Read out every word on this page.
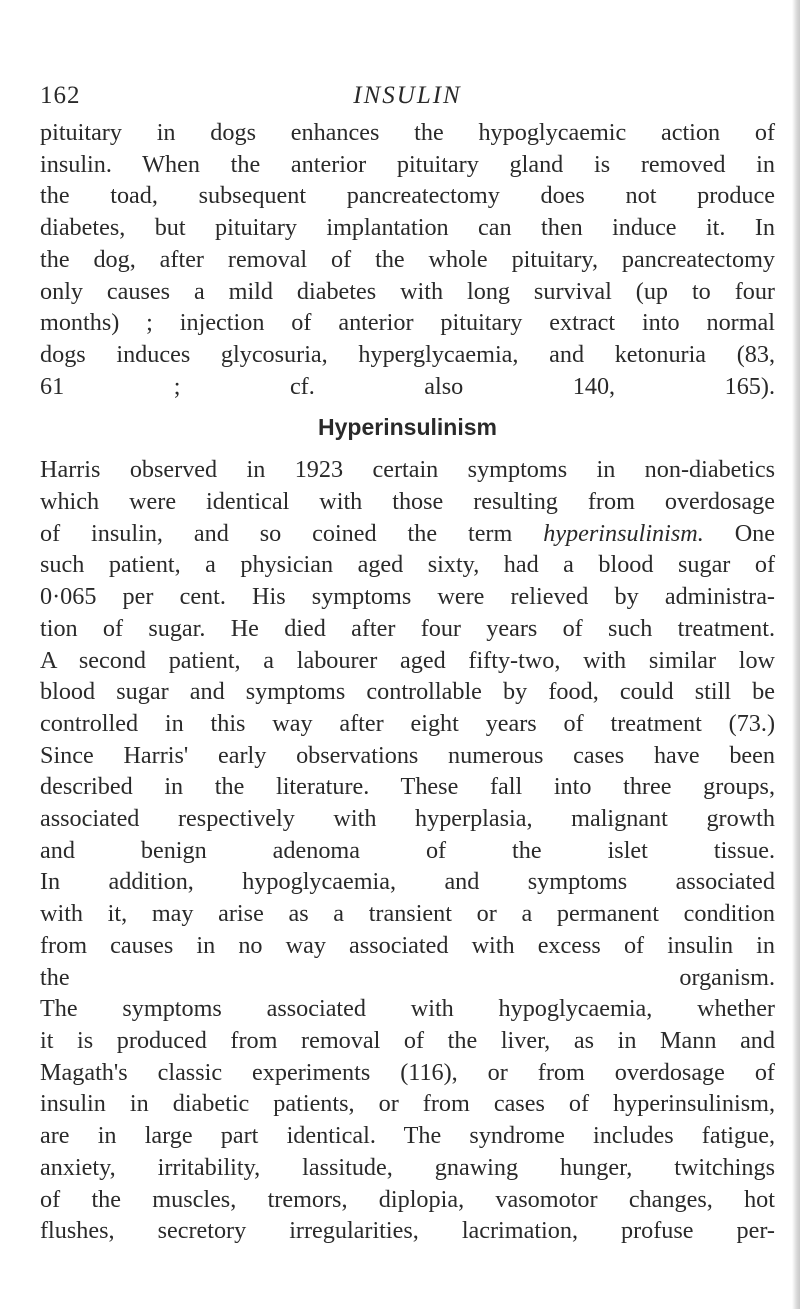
162	INSULIN

pituitary in dogs enhances the hypoglycaemic action of
insulin. When the anterior pituitary gland is removed in
the toad, subsequent pancreatectomy does not produce
diabetes, but pituitary implantation can then induce it. In
the dog, after removal of the whole pituitary, pancreatectomy
only causes a mild diabetes with long survival (up to four
months) ; injection of anterior pituitary extract into normal
dogs induces glycosuria, hyperglycaemia, and ketonuria (83,
61 ; cf. also 140, 165).

Hyperinsulinism

Harris observed in 1923 certain symptoms in non-diabetics
which were identical with those resulting from overdosage
of insulin, and so coined the term hyperinsulinism. One
such patient, a physician aged sixty, had a blood sugar of
0·065 per cent. His symptoms were relieved by administra-
tion of sugar. He died after four years of such treatment.
A second patient, a labourer aged fifty-two, with similar low
blood sugar and symptoms controllable by food, could still be
controlled in this way after eight years of treatment (73.)

Since Harris' early observations numerous cases have been
described in the literature. These fall into three groups,
associated respectively with hyperplasia, malignant growth
and benign adenoma of the islet tissue.

In addition, hypoglycaemia, and symptoms associated
with it, may arise as a transient or a permanent condition
from causes in no way associated with excess of insulin in
the organism.

The symptoms associated with hypoglycaemia, whether
it is produced from removal of the liver, as in Mann and
Magath's classic experiments (116), or from overdosage of
insulin in diabetic patients, or from cases of hyperinsulinism,
are in large part identical. The syndrome includes fatigue,
anxiety, irritability, lassitude, gnawing hunger, twitchings
of the muscles, tremors, diplopia, vasomotor changes, hot
flushes, secretory irregularities, lacrimation, profuse per-
